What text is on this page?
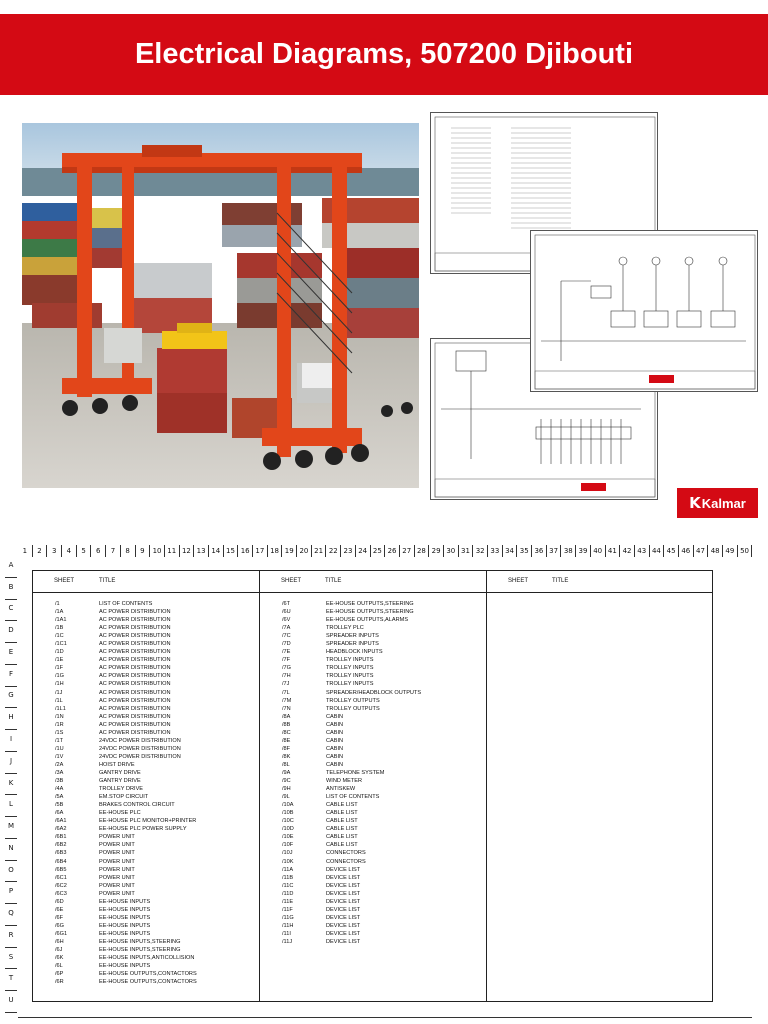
Electrical Diagrams, 507200 Djibouti
K Kalmar
1	2	3	4	5	6	7	8	9	10 11 12 13 14 15 16 17 18 19 20 21 22 23 24 25 26 27 28 29 30 31 32 33 34 35 36 37 38 39 40 41 42 43 44 45 46 47 48 49 50
A
B
C
D
E
F
G
H
I
J
K
L
M
N
O
P
Q
R
S
T
U
SHEET	TITLE	SHEET	TITLE	SHEET	TITLE
/1	LIST OF CONTENTS
/1A	AC POWER DISTRIBUTION
/1A1	AC POWER DISTRIBUTION
/1B	AC POWER DISTRIBUTION
/1C	AC POWER DISTRIBUTION
/1C1	AC POWER DISTRIBUTION
/1D	AC POWER DISTRIBUTION
/1E	AC POWER DISTRIBUTION
/1F	AC POWER DISTRIBUTION
/1G	AC POWER DISTRIBUTION
/1H	AC POWER DISTRIBUTION
/1J	AC POWER DISTRIBUTION
/1L	AC POWER DISTRIBUTION
/1L1	AC POWER DISTRIBUTION
/1N	AC POWER DISTRIBUTION
/1R	AC POWER DISTRIBUTION
/1S	AC POWER DISTRIBUTION
/1T	24VDC POWER DISTRIBUTION
/1U	24VDC POWER DISTRIBUTION
/1V	24VDC POWER DISTRIBUTION
/2A	HOIST DRIVE
/3A	GANTRY DRIVE
/3B	GANTRY DRIVE
/4A	TROLLEY DRIVE
/5A	EM.STOP CIRCUIT
/5B	BRAKES CONTROL CIRCUIT
/6A	EE-HOUSE PLC
/6A1	EE-HOUSE PLC MONITOR+PRINTER
/6A2	EE-HOUSE PLC POWER SUPPLY
/6B1	POWER UNIT
/6B2	POWER UNIT
/6B3	POWER UNIT
/6B4	POWER UNIT
/6B5	POWER UNIT
/6C1	POWER UNIT
/6C2	POWER UNIT
/6C3	POWER UNIT
/6D	EE-HOUSE INPUTS
/6E	EE-HOUSE INPUTS
/6F	EE-HOUSE INPUTS
/6G	EE-HOUSE INPUTS
/6G1	EE-HOUSE INPUTS
/6H	EE-HOUSE INPUTS,STEERING
/6J	EE-HOUSE INPUTS,STEERING
/6K	EE-HOUSE INPUTS,ANTICOLLISION
/6L	EE-HOUSE INPUTS
/6P	EE-HOUSE OUTPUTS,CONTACTORS
/6R	EE-HOUSE OUTPUTS,CONTACTORS
/6T	EE-HOUSE OUTPUTS,STEERING
/6U	EE-HOUSE OUTPUTS,STEERING
/6V	EE-HOUSE OUTPUTS,ALARMS
/7A	TROLLEY PLC
/7C	SPREADER INPUTS
/7D	SPREADER INPUTS
/7E	HEADBLOCK INPUTS
/7F	TROLLEY INPUTS
/7G	TROLLEY INPUTS
/7H	TROLLEY INPUTS
/7J	TROLLEY INPUTS
/7L	SPREADER/HEADBLOCK OUTPUTS
/7M	TROLLEY OUTPUTS
/7N	TROLLEY OUTPUTS
/8A	CABIN
/8B	CABIN
/8C	CABIN
/8E	CABIN
/8F	CABIN
/8K	CABIN
/8L	CABIN
/9A	TELEPHONE SYSTEM
/9C	WIND METER
/9H	ANTISKEW
/9L	LIST OF CONTENTS
/10A	CABLE LIST
/10B	CABLE LIST
/10C	CABLE LIST
/10D	CABLE LIST
/10E	CABLE LIST
/10F	CABLE LIST
/10J	CONNECTORS
/10K	CONNECTORS
/11A	DEVICE LIST
/11B	DEVICE LIST
/11C	DEVICE LIST
/11D	DEVICE LIST
/11E	DEVICE LIST
/11F	DEVICE LIST
/11G	DEVICE LIST
/11H	DEVICE LIST
/11I	DEVICE LIST
/11J	DEVICE LIST
